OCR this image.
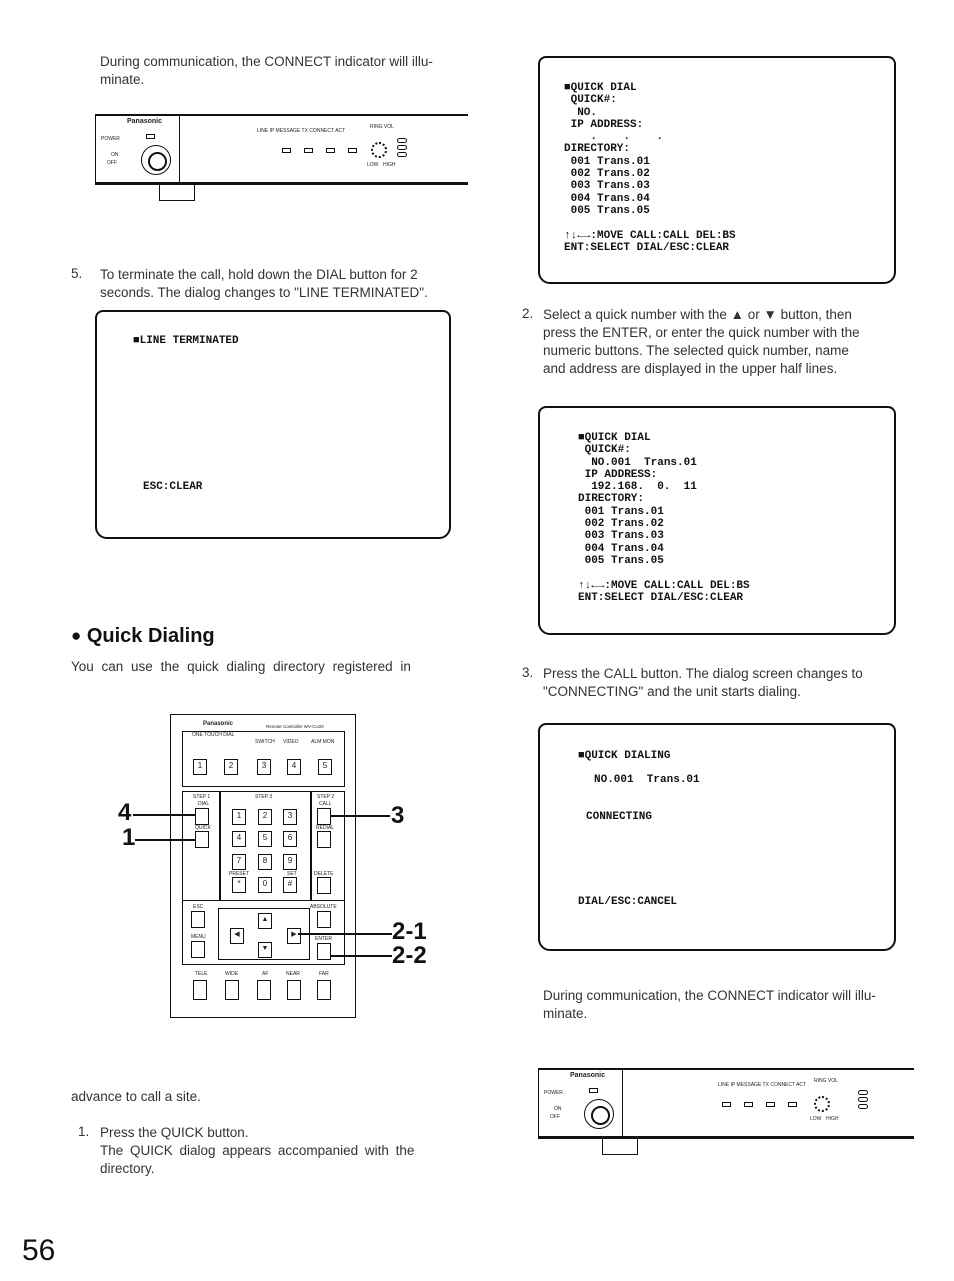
During communication, the CONNECT indicator will illu-
minate.
Panasonic
POWER
ON
OFF
LINE IP MESSAGE TX CONNECT ACT
RING VOL
LOW HIGH
5. To terminate the call, hold down the DIAL button for 2
seconds. The dialog changes to "LINE TERMINATED".
■LINE TERMINATED
ESC:CLEAR
● Quick Dialing
You can use the quick dialing directory registered in
Panasonic	Remote Controller WV-CU20
ONE TOUCH DIAL
SWITCH VIDEO ALM MON
1	2	3	4	5
STEP 1	STEP 3	STEP 2
DIAL
QUICK
CALL
REDIAL
1	2	3
4	5	6
7	8	9
PRESET	SET	DELETE
*	0	#
ESC
MENU
ABSOLUTE
ENTER
▲
◀	▶
▼
TELE	WIDE	AF	NEAR	FAR
4
1
3
2-1
2-2
advance to call a site.
1. Press the QUICK button.
The QUICK dialog appears accompanied with the
directory.
56
■QUICK DIAL
QUICK#:
NO.
IP ADDRESS:
.    .    .
DIRECTORY:
001 Trans.01
002 Trans.02
003 Trans.03
004 Trans.04
005 Trans.05

↑↓←→:MOVE CALL:CALL DEL:BS
ENT:SELECT DIAL/ESC:CLEAR
2. Select a quick number with the ▲ or ▼ button, then
press the ENTER, or enter the quick number with the
numeric buttons. The selected quick number, name
and address are displayed in the upper half lines.
■QUICK DIAL
QUICK#:
NO.001  Trans.01
IP ADDRESS:
192.168.  0.  11
DIRECTORY:
001 Trans.01
002 Trans.02
003 Trans.03
004 Trans.04
005 Trans.05

↑↓←→:MOVE CALL:CALL DEL:BS
ENT:SELECT DIAL/ESC:CLEAR
3. Press the CALL button. The dialog screen changes to
"CONNECTING" and the unit starts dialing.
■QUICK DIALING
NO.001  Trans.01
CONNECTING
DIAL/ESC:CANCEL
During communication, the CONNECT indicator will illu-
minate.
Panasonic
POWER
ON
OFF
LINE IP MESSAGE TX CONNECT ACT
RING VOL
LOW HIGH
